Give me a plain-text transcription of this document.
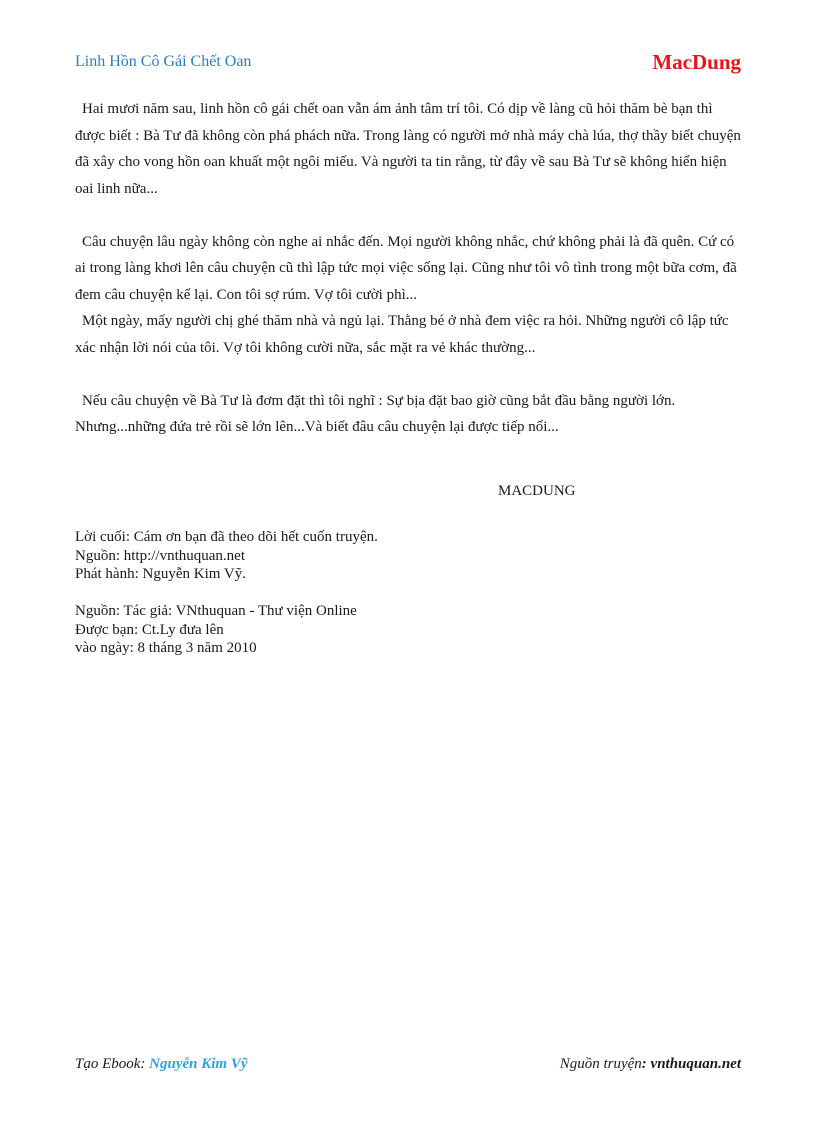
Linh Hồn Cô Gái Chết Oan	MacDung

Hai mươi năm sau, linh hồn cô gái chết oan vẫn ám ảnh tâm trí tôi. Có dịp về làng cũ hỏi thăm bè bạn thì được biết : Bà Tư đã không còn phá phách nữa. Trong làng có người mở nhà máy chà lúa, thợ thầy biết chuyện đã xây cho vong hồn oan khuất một ngôi miếu. Và người ta tin rằng, từ đây về sau Bà Tư sẽ không hiển hiện oai linh nữa...

Câu chuyện lâu ngày không còn nghe ai nhắc đến. Mọi người không nhắc, chứ không phải là đã quên. Cứ có ai trong làng khơi lên câu chuyện cũ thì lập tức mọi việc sống lại. Cũng như tôi vô tình trong một bữa cơm, đã đem câu chuyện kể lại. Con tôi sợ rúm. Vợ tôi cười phì...

Một ngày, mấy người chị ghé thăm nhà và ngủ lại. Thằng bé ở nhà đem việc ra hỏi. Những người cô lập tức xác nhận lời nói của tôi. Vợ tôi không cười nữa, sắc mặt ra vẻ khác thường...

Nếu câu chuyện về Bà Tư là đơm đặt thì tôi nghĩ : Sự bịa đặt bao giờ cũng bắt đầu bằng người lớn. Nhưng...những đứa trẻ rồi sẽ lớn lên...Và biết đâu câu chuyện lại được tiếp nối...

MACDUNG
Lời cuối: Cám ơn bạn đã theo dõi hết cuốn truyện.
Nguồn: http://vnthuquan.net
Phát hành: Nguyễn Kim Vỹ.
Nguồn: Tác giả: VNthuquan - Thư viện Online
Được bạn: Ct.Ly đưa lên
vào ngày: 8 tháng 3 năm 2010
Tạo Ebook: Nguyễn Kim Vỹ	Nguồn truyện: vnthuquan.net
